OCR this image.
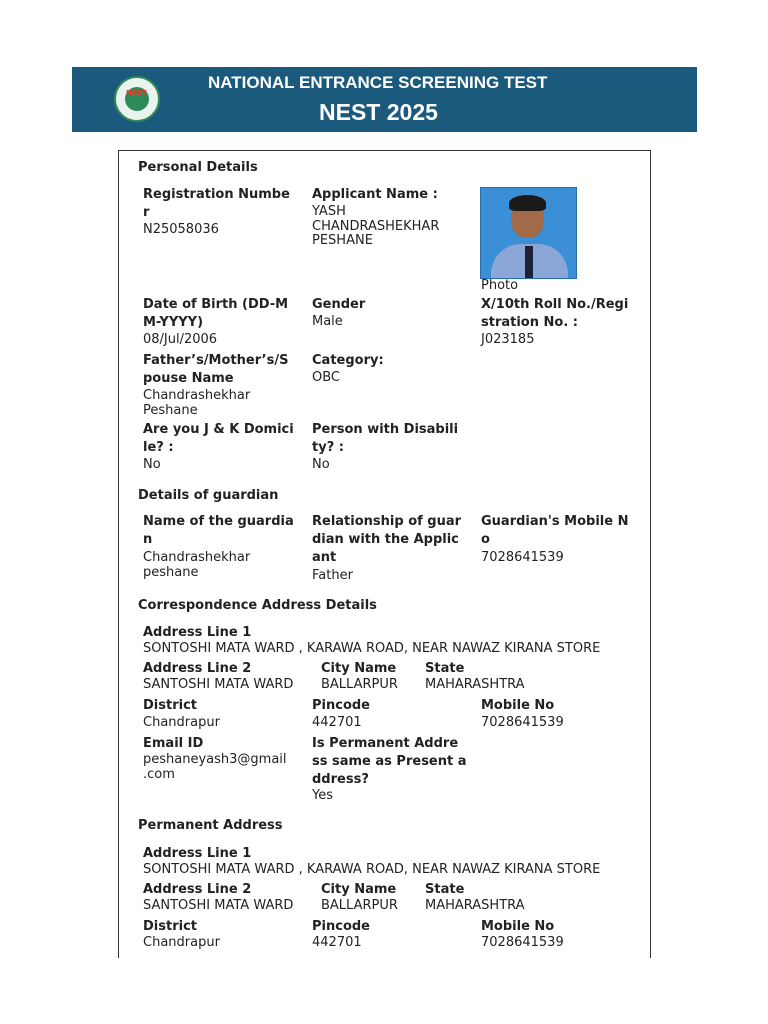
NEST
NATIONAL ENTRANCE SCREENING TEST
NEST 2025
Personal Details
Registration Numbe
r
N25058036
Applicant Name :
YASH
CHANDRASHEKHAR
PESHANE
Photo
Date of Birth (DD-M
M-YYYY)
08/Jul/2006
Gender
Male
X/10th Roll No./Regi
stration No. :
J023185
Father’s/Mother’s/S
pouse Name
Chandrashekhar
Peshane
Category:
OBC
Are you J & K Domici
le? :
No
Person with Disabili
ty? :
No
Details of guardian
Name of the guardia
n
Chandrashekhar
peshane
Relationship of guar
dian with the Applic
ant
Father
Guardian's Mobile N
o
7028641539
Correspondence Address Details
Address Line 1
SONTOSHI MATA WARD , KARAWA ROAD, NEAR NAWAZ KIRANA STORE
Address Line 2
SANTOSHI MATA WARD
City Name
BALLARPUR
State
MAHARASHTRA
District
Chandrapur
Pincode
442701
Mobile No
7028641539
Email ID
peshaneyash3@gmail
.com
Is Permanent Addre
ss same as Present a
ddress?
Yes
Permanent Address
Address Line 1
SONTOSHI MATA WARD , KARAWA ROAD, NEAR NAWAZ KIRANA STORE
Address Line 2
SANTOSHI MATA WARD
City Name
BALLARPUR
State
MAHARASHTRA
District
Chandrapur
Pincode
442701
Mobile No
7028641539
